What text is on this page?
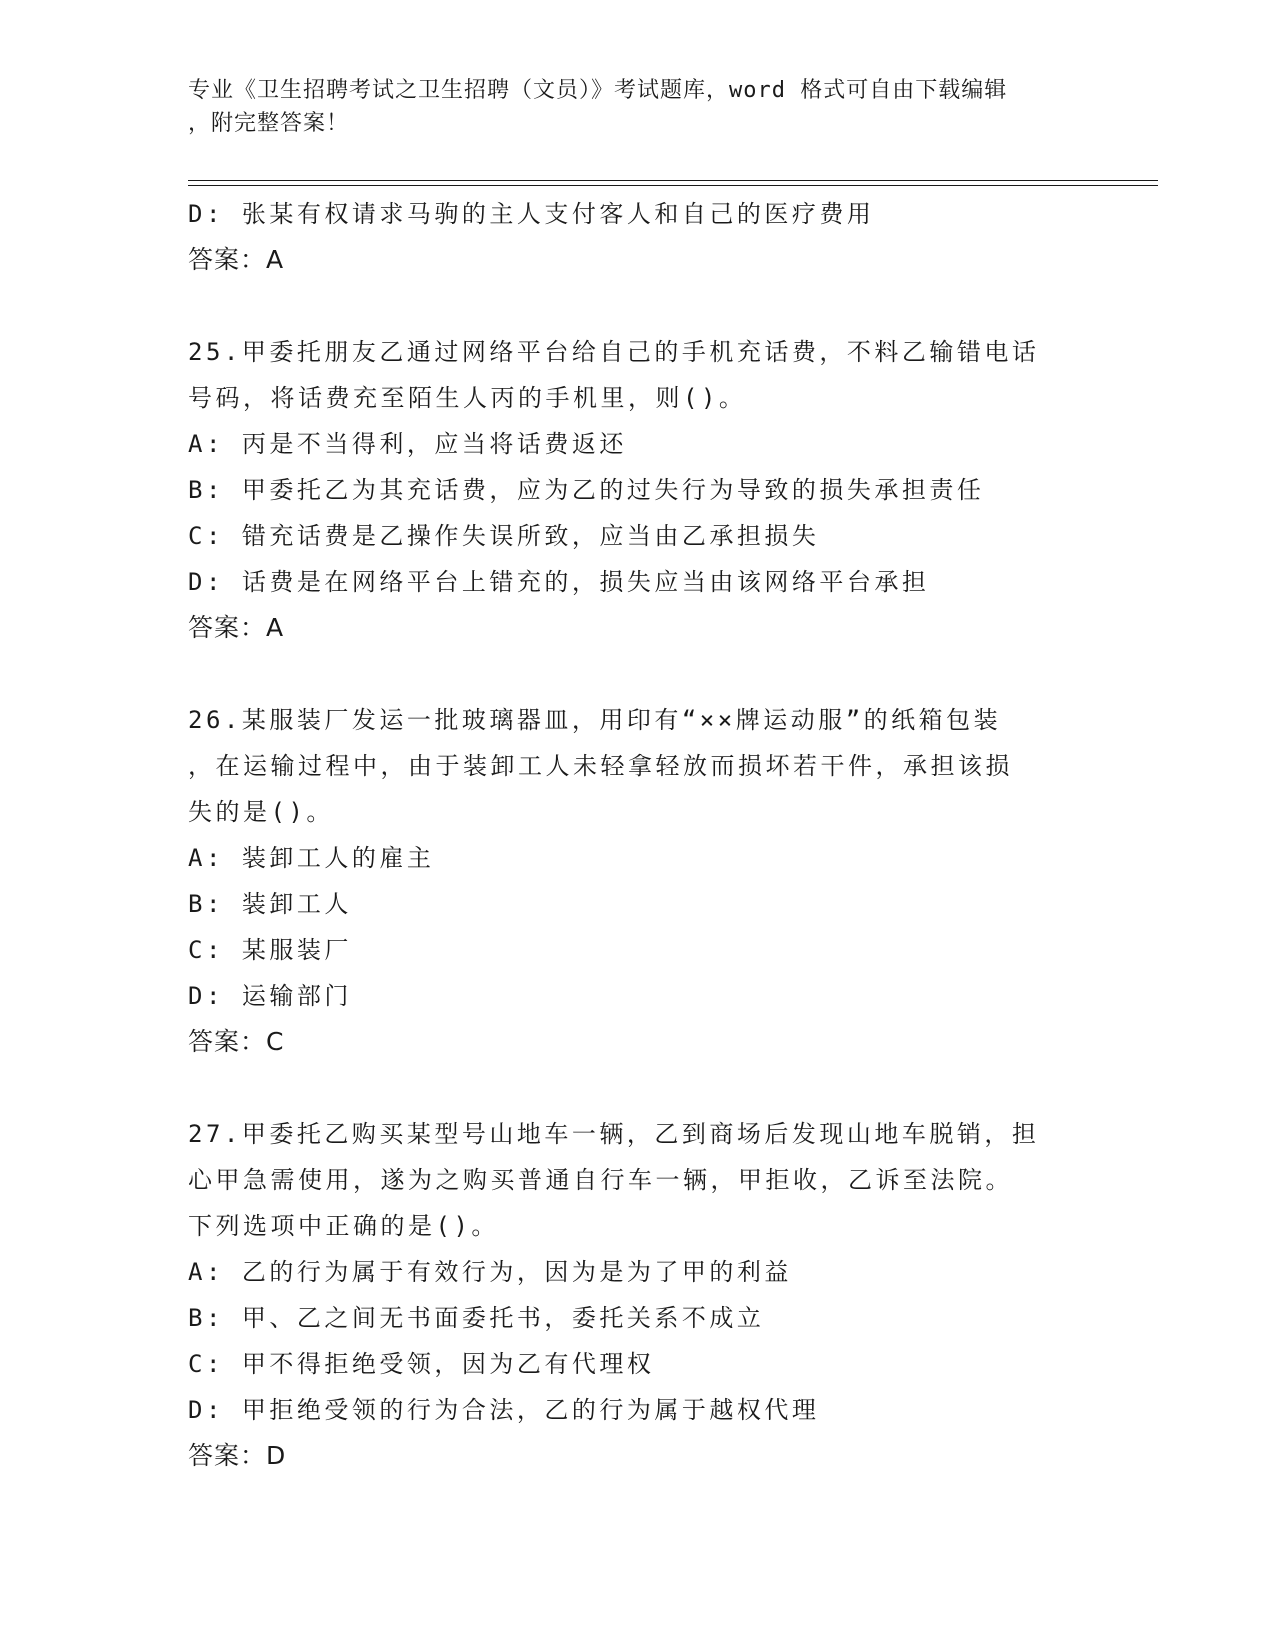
专业《卫生招聘考试之卫生招聘（文员）》考试题库，word 格式可自由下载编辑
，附完整答案！
D: 张某有权请求马驹的主人支付客人和自己的医疗费用
答案：A
25.甲委托朋友乙通过网络平台给自己的手机充话费，不料乙输错电话
号码，将话费充至陌生人丙的手机里，则()。
A: 丙是不当得利，应当将话费返还
B: 甲委托乙为其充话费，应为乙的过失行为导致的损失承担责任
C: 错充话费是乙操作失误所致，应当由乙承担损失
D: 话费是在网络平台上错充的，损失应当由该网络平台承担
答案：A
26.某服装厂发运一批玻璃器皿，用印有“××牌运动服”的纸箱包装
，在运输过程中，由于装卸工人未轻拿轻放而损坏若干件，承担该损
失的是()。
A: 装卸工人的雇主
B: 装卸工人
C: 某服装厂
D: 运输部门
答案：C
27.甲委托乙购买某型号山地车一辆，乙到商场后发现山地车脱销，担
心甲急需使用，遂为之购买普通自行车一辆，甲拒收，乙诉至法院。
下列选项中正确的是()。
A: 乙的行为属于有效行为，因为是为了甲的利益
B: 甲、乙之间无书面委托书，委托关系不成立
C: 甲不得拒绝受领，因为乙有代理权
D: 甲拒绝受领的行为合法，乙的行为属于越权代理
答案：D
